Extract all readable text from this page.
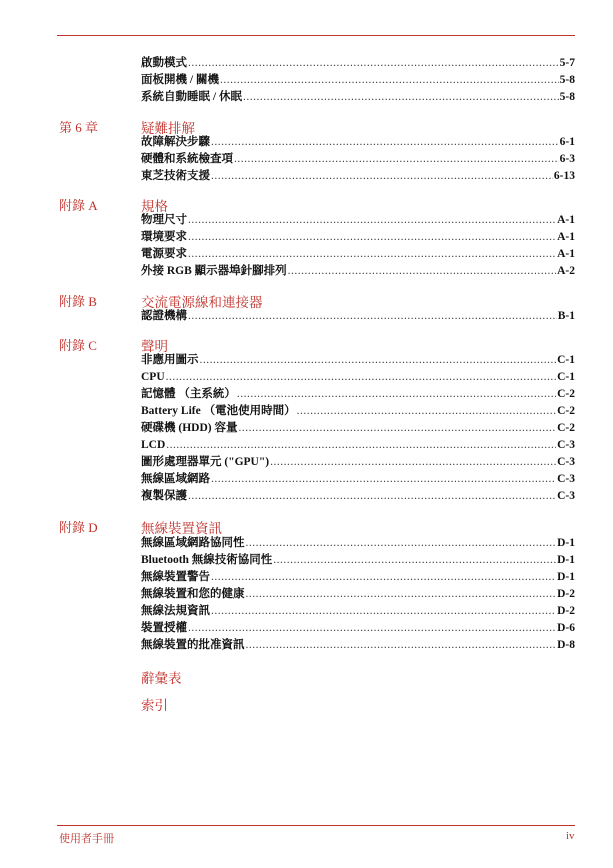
啟動模式 .....	5-7
面板開機 / 關機 .....	5-8
系統自動睡眠 / 休眠 .....	5-8
第 6 章	疑難排解
故障解決步驟 .....	6-1
硬體和系統檢查項 .....	6-3
東芝技術支援 .....	6-13
附錄 A	規格
物理尺寸 .....	A-1
環境要求 .....	A-1
電源要求 .....	A-1
外接 RGB 顯示器埠針腳排列 .....	A-2
附錄 B	交流電源線和連接器
認證機構 .....	B-1
附錄 C	聲明
非應用圖示 .....	C-1
CPU .....	C-1
記憶體 （主系統） .....	C-2
Battery Life （電池使用時間） .....	C-2
硬碟機 (HDD) 容量 .....	C-2
LCD .....	C-3
圖形處理器單元 ("GPU") .....	C-3
無線區域網路 .....	C-3
複製保護 .....	C-3
附錄 D	無線裝置資訊
無線區域網路協同性 .....	D-1
Bluetooth 無線技術協同性 .....	D-1
無線裝置警告 .....	D-1
無線裝置和您的健康 .....	D-2
無線法規資訊 .....	D-2
裝置授權 .....	D-6
無線裝置的批准資訊 .....	D-8
辭彙表
索引
使用者手冊	iv
